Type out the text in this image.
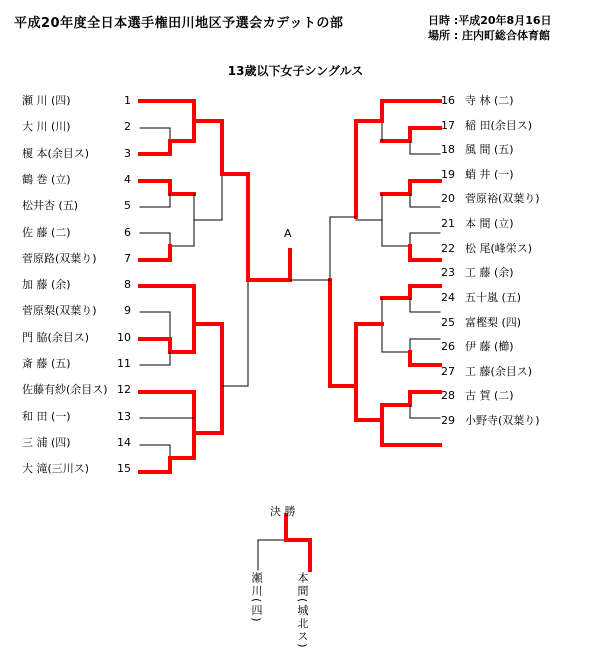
平成20年度全日本選手権田川地区予選会カデットの部	日時 :平成20年8月16日
場所 : 庄内町総合体育館
13歳以下女子シングルス
瀬 川 (四)	1
大 川 (川)	2
榎 本(余目ス)	3
鶴 巻 (立)	4
松井杏 (五)	5
佐 藤 (二)	6
菅原路(双葉り)	7
加 藤 (余)	8
菅原梨(双葉り)	9
門 脇(余目ス)	10
斎 藤 (五)	11
佐藤有紗(余目ス) 12
和 田 (一)	13
三 浦 (四)	14
大 滝(三川ス)	15
16 寺 林 (二)
17 稲 田(余目ス)
18 風 間 (五)
19 蛸 井 (一)
20 菅原裕(双葉り)
21 本 間 (立)
22 松 尾(峰栄ス)
23 工 藤 (余)
24 五十嵐 (五)
25 富樫梨 (四)
26 伊 藤 (櫛)
27 工 藤(余目ス)
28 古 賀 (二)
29 小野寺(双葉り)
A
決 勝
瀬川(四)	本間(城北ス)
